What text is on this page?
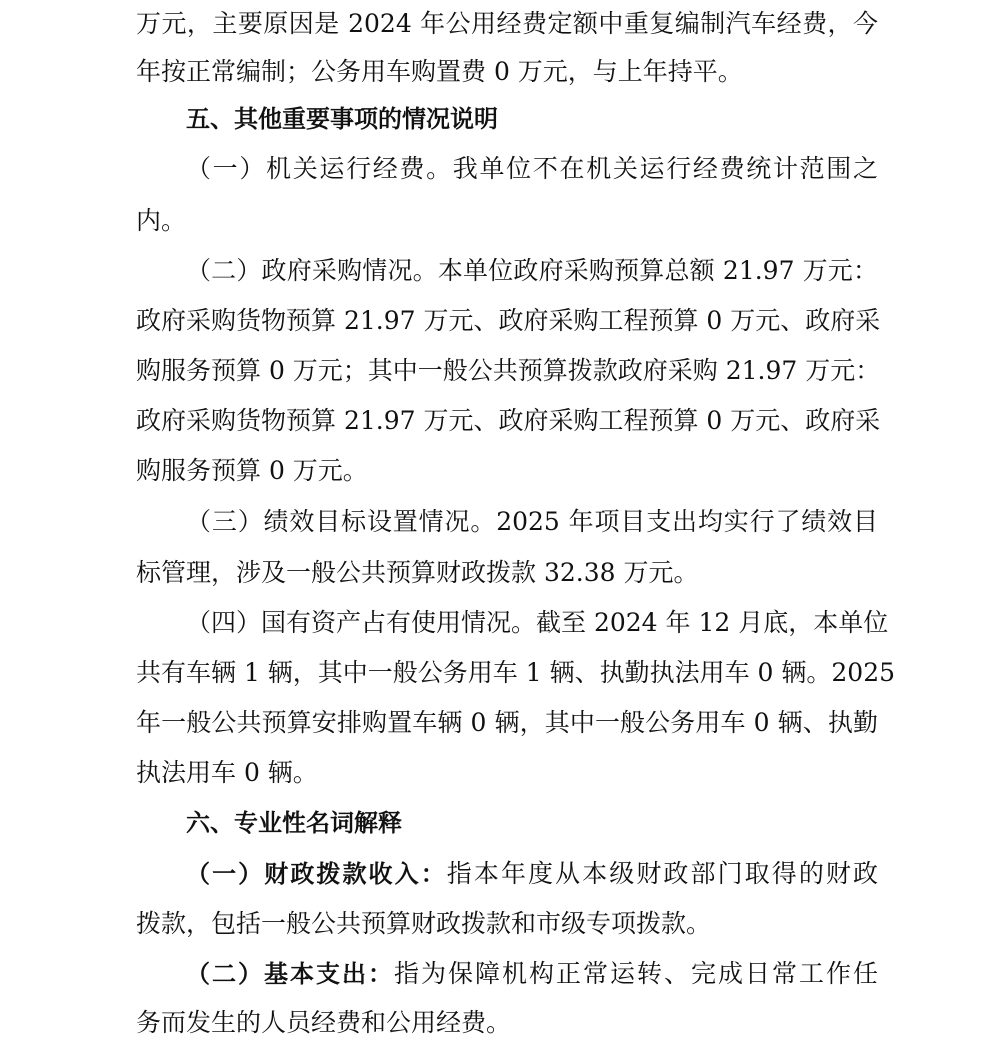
万元，主要原因是 2024 年公用经费定额中重复编制汽车经费，今
年按正常编制；公务用车购置费 0 万元，与上年持平。
五、其他重要事项的情况说明
（一）机关运行经费。我单位不在机关运行经费统计范围之
内。
（二）政府采购情况。本单位政府采购预算总额 21.97 万元：
政府采购货物预算 21.97 万元、政府采购工程预算 0 万元、政府采
购服务预算 0 万元；其中一般公共预算拨款政府采购 21.97 万元：
政府采购货物预算 21.97 万元、政府采购工程预算 0 万元、政府采
购服务预算 0 万元。
（三）绩效目标设置情况。2025 年项目支出均实行了绩效目
标管理，涉及一般公共预算财政拨款 32.38 万元。
（四）国有资产占有使用情况。截至 2024 年 12 月底，本单位
共有车辆 1 辆，其中一般公务用车 1 辆、执勤执法用车 0 辆。2025
年一般公共预算安排购置车辆 0 辆，其中一般公务用车 0 辆、执勤
执法用车 0 辆。
六、专业性名词解释
（一）财政拨款收入：指本年度从本级财政部门取得的财政
拨款，包括一般公共预算财政拨款和市级专项拨款。
（二）基本支出：指为保障机构正常运转、完成日常工作任
务而发生的人员经费和公用经费。
